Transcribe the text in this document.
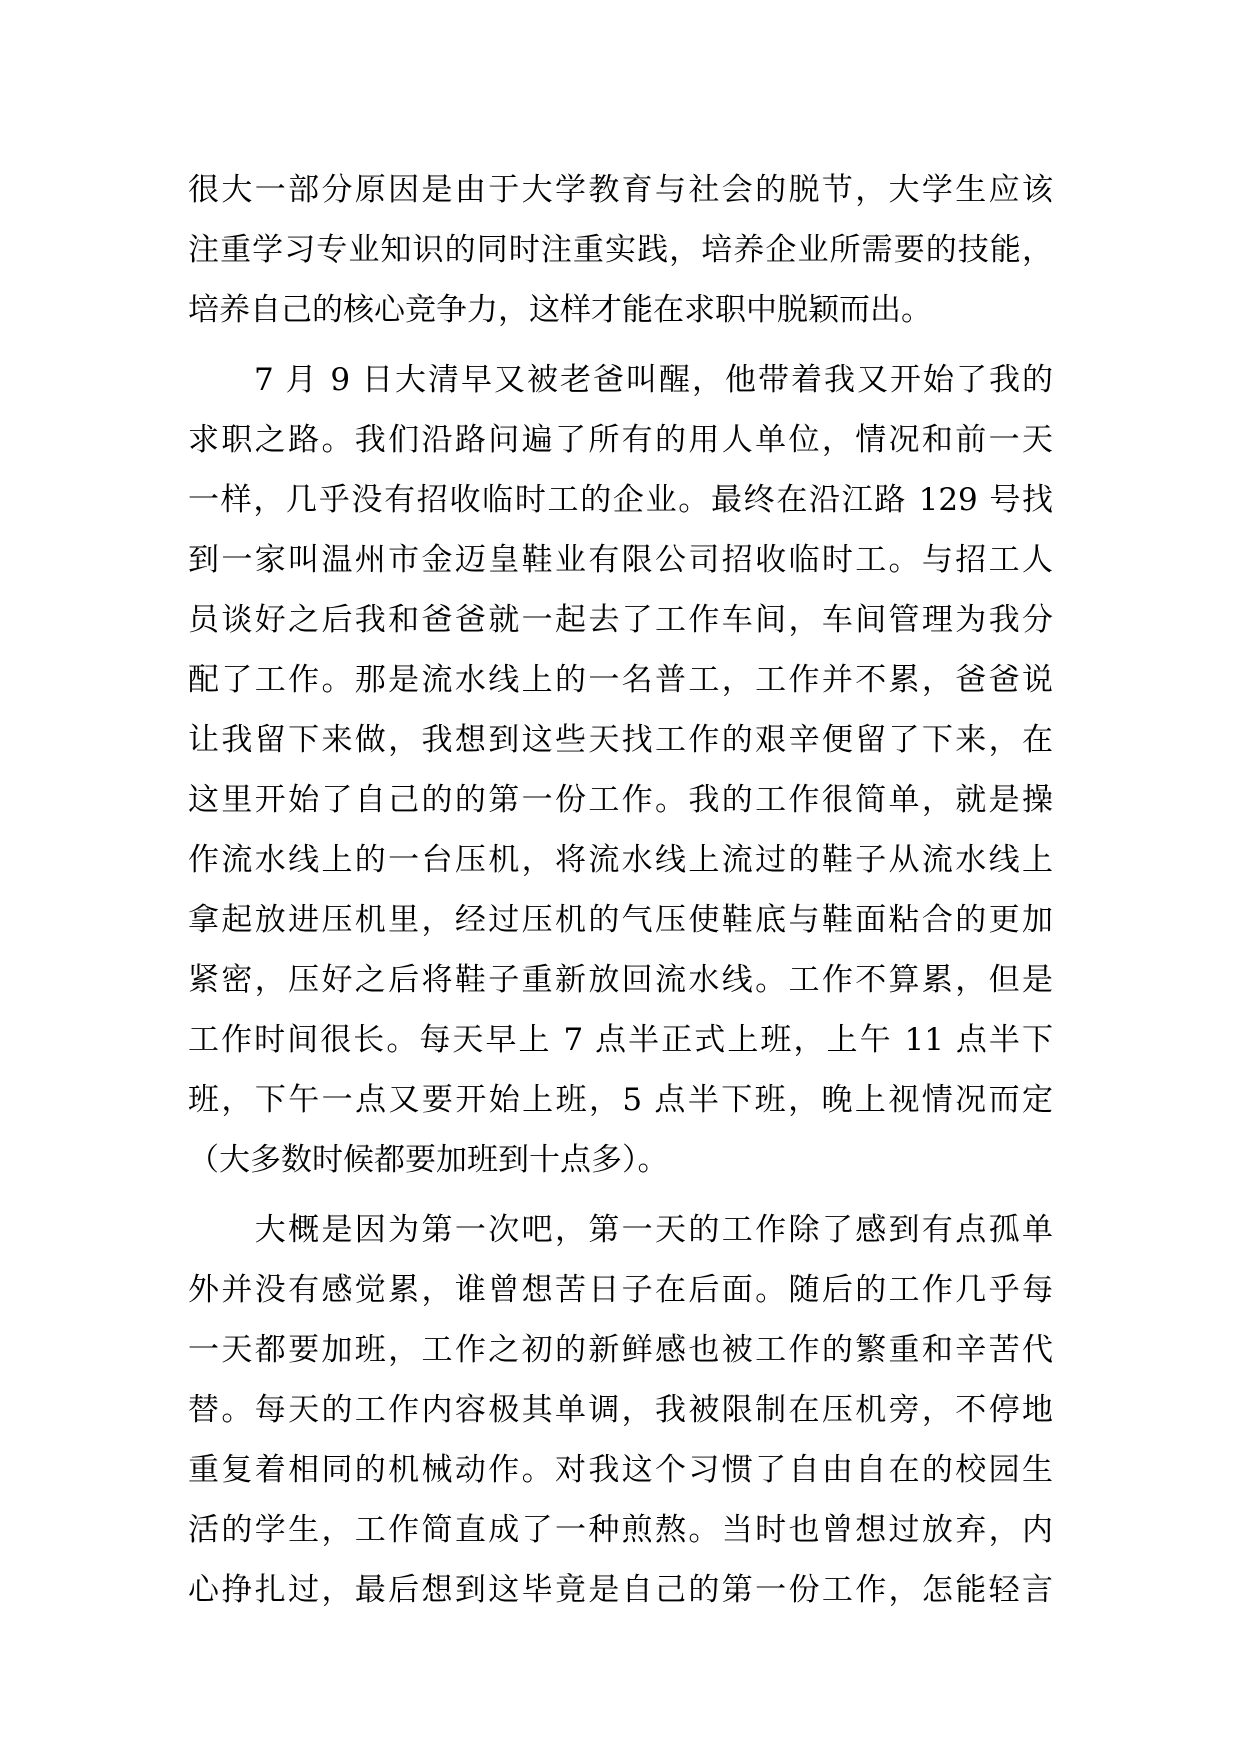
很大一部分原因是由于大学教育与社会的脱节，大学生应该
注重学习专业知识的同时注重实践，培养企业所需要的技能，
培养自己的核心竞争力，这样才能在求职中脱颖而出。
　　7 月 9 日大清早又被老爸叫醒，他带着我又开始了我的
求职之路。我们沿路问遍了所有的用人单位，情况和前一天
一样，几乎没有招收临时工的企业。最终在沿江路 129 号找
到一家叫温州市金迈皇鞋业有限公司招收临时工。与招工人
员谈好之后我和爸爸就一起去了工作车间，车间管理为我分
配了工作。那是流水线上的一名普工，工作并不累，爸爸说
让我留下来做，我想到这些天找工作的艰辛便留了下来，在
这里开始了自己的的第一份工作。我的工作很简单，就是操
作流水线上的一台压机，将流水线上流过的鞋子从流水线上
拿起放进压机里，经过压机的气压使鞋底与鞋面粘合的更加
紧密，压好之后将鞋子重新放回流水线。工作不算累，但是
工作时间很长。每天早上 7 点半正式上班，上午 11 点半下
班，下午一点又要开始上班，5 点半下班，晚上视情况而定
（大多数时候都要加班到十点多）。
　　大概是因为第一次吧，第一天的工作除了感到有点孤单
外并没有感觉累，谁曾想苦日子在后面。随后的工作几乎每
一天都要加班，工作之初的新鲜感也被工作的繁重和辛苦代
替。每天的工作内容极其单调，我被限制在压机旁，不停地
重复着相同的机械动作。对我这个习惯了自由自在的校园生
活的学生，工作简直成了一种煎熬。当时也曾想过放弃，内
心挣扎过，最后想到这毕竟是自己的第一份工作，怎能轻言
